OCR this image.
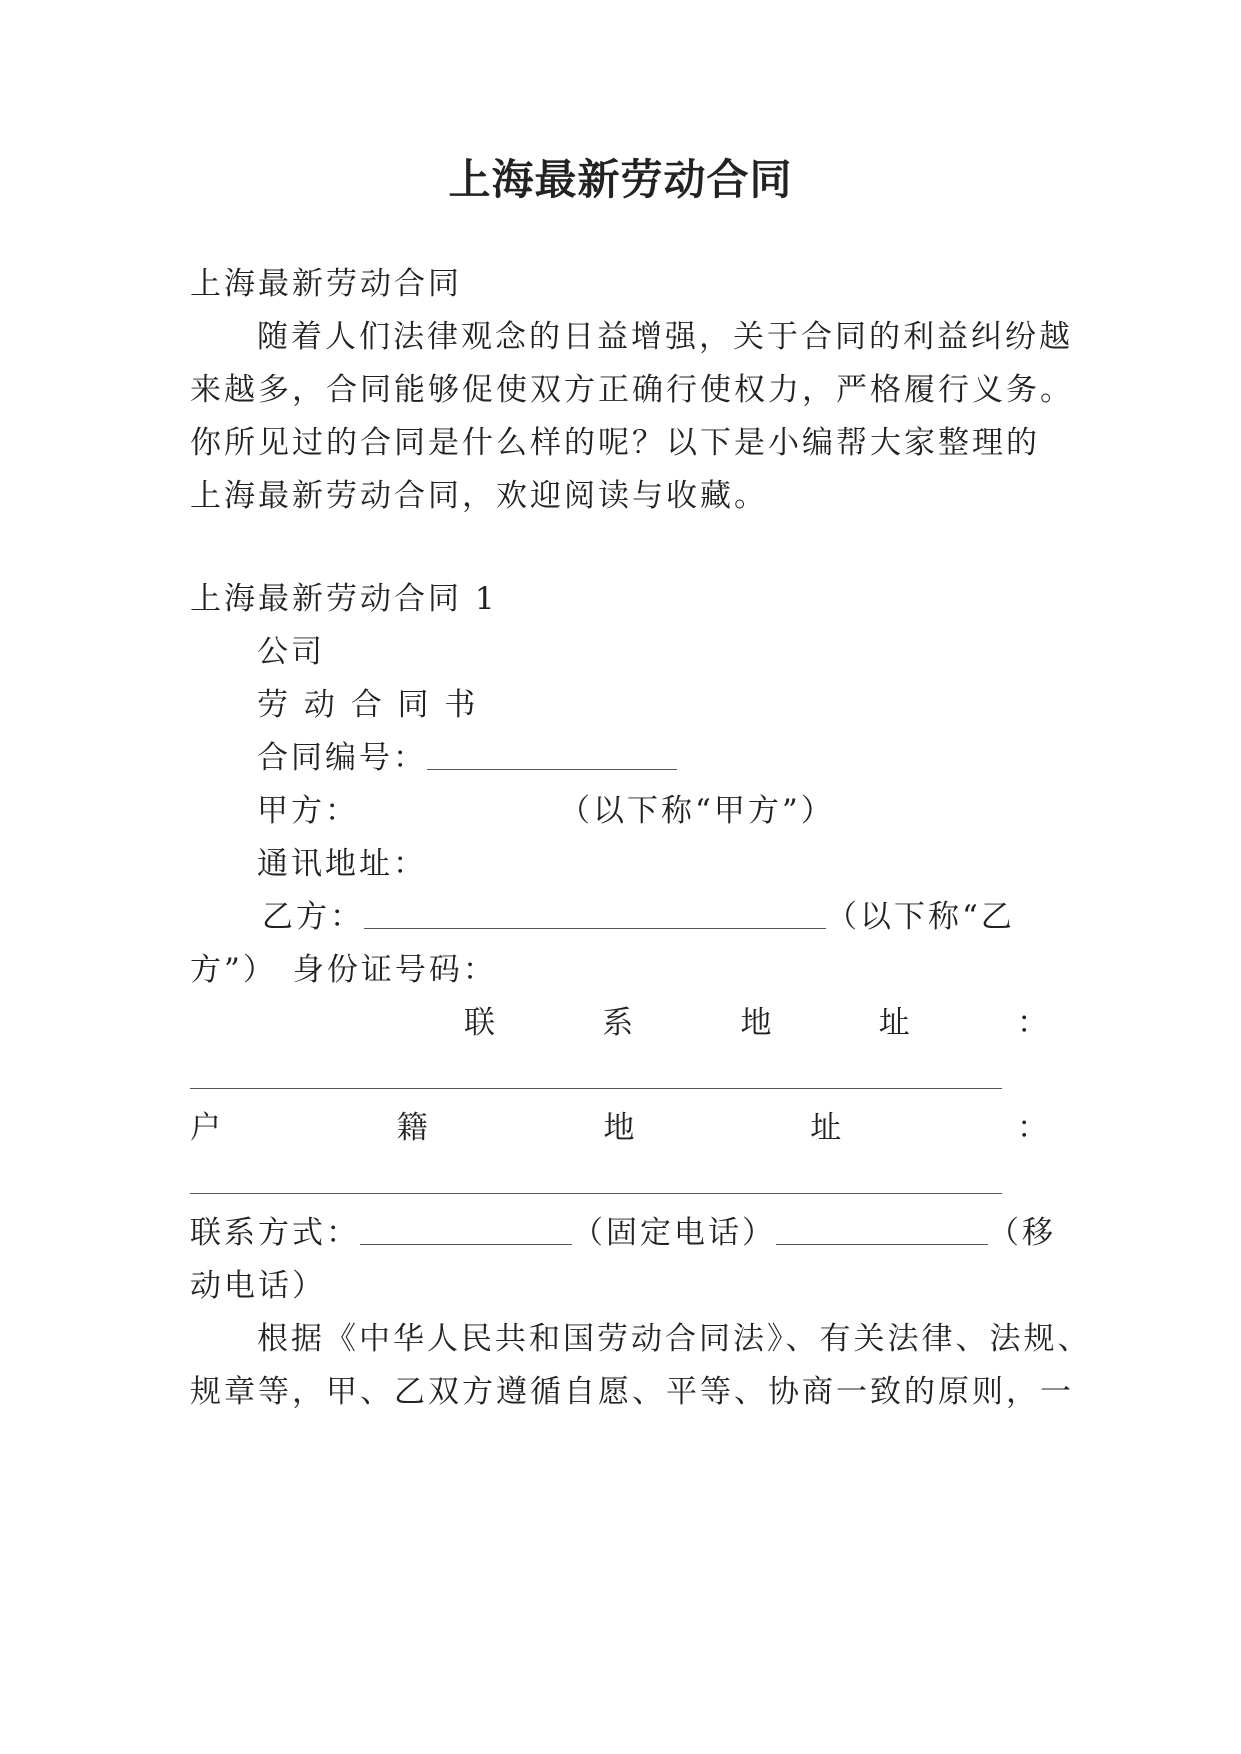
上海最新劳动合同
上海最新劳动合同
随着人们法律观念的日益增强，关于合同的利益纠纷越
来越多，合同能够促使双方正确行使权力，严格履行义务。
你所见过的合同是什么样的呢？以下是小编帮大家整理的
上海最新劳动合同，欢迎阅读与收藏。
上海最新劳动合同 1
公司
劳 动 合 同 书
合同编号：
甲方：	（以下称“甲方”）
通讯地址：
乙方：	（以下称“乙
方”） 身份证号码：
联	系	地	址	：
户	籍	地	址	：
联系方式：	（固定电话）	（移
动电话）
根据《中华人民共和国劳动合同法》、有关法律、法规、
规章等，甲、乙双方遵循自愿、平等、协商一致的原则，一
